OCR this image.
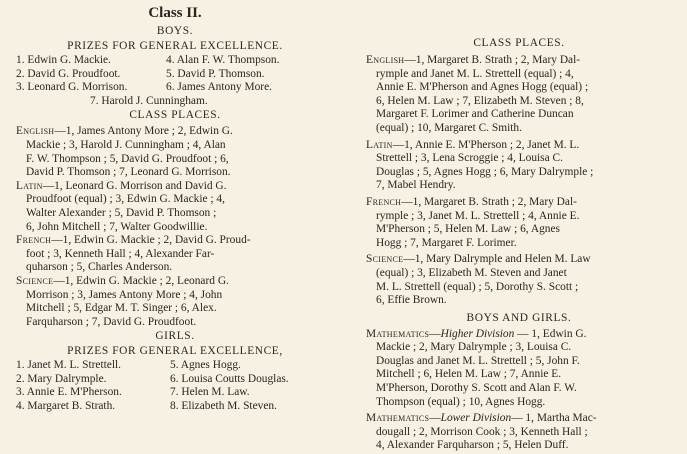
Class II.
BOYS.
PRIZES FOR GENERAL EXCELLENCE.
1. Edwin G. Mackie.	4. Alan F. W. Thompson.
2. David G. Proudfoot.	5. David P. Thomson.
3. Leonard G. Morrison.	6. James Antony More.
7. Harold J. Cunningham.
CLASS PLACES.
English—1, James Antony More ; 2, Edwin G.
Mackie ; 3, Harold J. Cunningham ; 4, Alan
F. W. Thompson ; 5, David G. Proudfoot ; 6,
David P. Thomson ; 7, Leonard G. Morrison.
Latin—1, Leonard G. Morrison and David G.
Proudfoot (equal) ; 3, Edwin G. Mackie ; 4,
Walter Alexander ; 5, David P. Thomson ;
6, John Mitchell ; 7, Walter Goodwillie.
French—1, Edwin G. Mackie ; 2, David G. Proud-
foot ; 3, Kenneth Hall ; 4, Alexander Far-
quharson ; 5, Charles Anderson.
Science—1, Edwin G. Mackie ; 2, Leonard G.
Morrison ; 3, James Antony More ; 4, John
Mitchell ; 5, Edgar M. T. Singer ; 6, Alex.
Farquharson ; 7, David G. Proudfoot.
GIRLS.
PRIZES FOR GENERAL EXCELLENCE,
1. Janet M. L. Strettell.	5. Agnes Hogg.
2. Mary Dalrymple.	6. Louisa Coutts Douglas.
3. Annie E. M'Pherson.	7. Helen M. Law.
4. Margaret B. Strath.	8. Elizabeth M. Steven.
CLASS PLACES.
English—1, Margaret B. Strath ; 2, Mary Dal-
rymple and Janet M. L. Strettell (equal) ; 4,
Annie E. M'Pherson and Agnes Hogg (equal) ;
6, Helen M. Law ; 7, Elizabeth M. Steven ; 8,
Margaret F. Lorimer and Catherine Duncan
(equal) ; 10, Margaret C. Smith.
Latin—1, Annie E. M'Pherson ; 2, Janet M. L.
Strettell ; 3, Lena Scroggie ; 4, Louisa C.
Douglas ; 5, Agnes Hogg ; 6, Mary Dalrymple ;
7, Mabel Hendry.
French—1, Margaret B. Strath ; 2, Mary Dal-
rymple ; 3, Janet M. L. Strettell ; 4, Annie E.
M'Pherson ; 5, Helen M. Law ; 6, Agnes
Hogg ; 7, Margaret F. Lorimer.
Science—1, Mary Dalrymple and Helen M. Law
(equal) ; 3, Elizabeth M. Steven and Janet
M. L. Strettell (equal) ; 5, Dorothy S. Scott ;
6, Effie Brown.
BOYS AND GIRLS.
Mathematics—Higher Division — 1, Edwin G.
Mackie ; 2, Mary Dalrymple ; 3, Louisa C.
Douglas and Janet M. L. Strettell ; 5, John F.
Mitchell ; 6, Helen M. Law ; 7, Annie E.
M'Pherson, Dorothy S. Scott and Alan F. W.
Thompson (equal) ; 10, Agnes Hogg.
Mathematics—Lower Division— 1, Martha Mac-
dougall ; 2, Morrison Cook ; 3, Kenneth Hall ;
4, Alexander Farquharson ; 5, Helen Duff.
